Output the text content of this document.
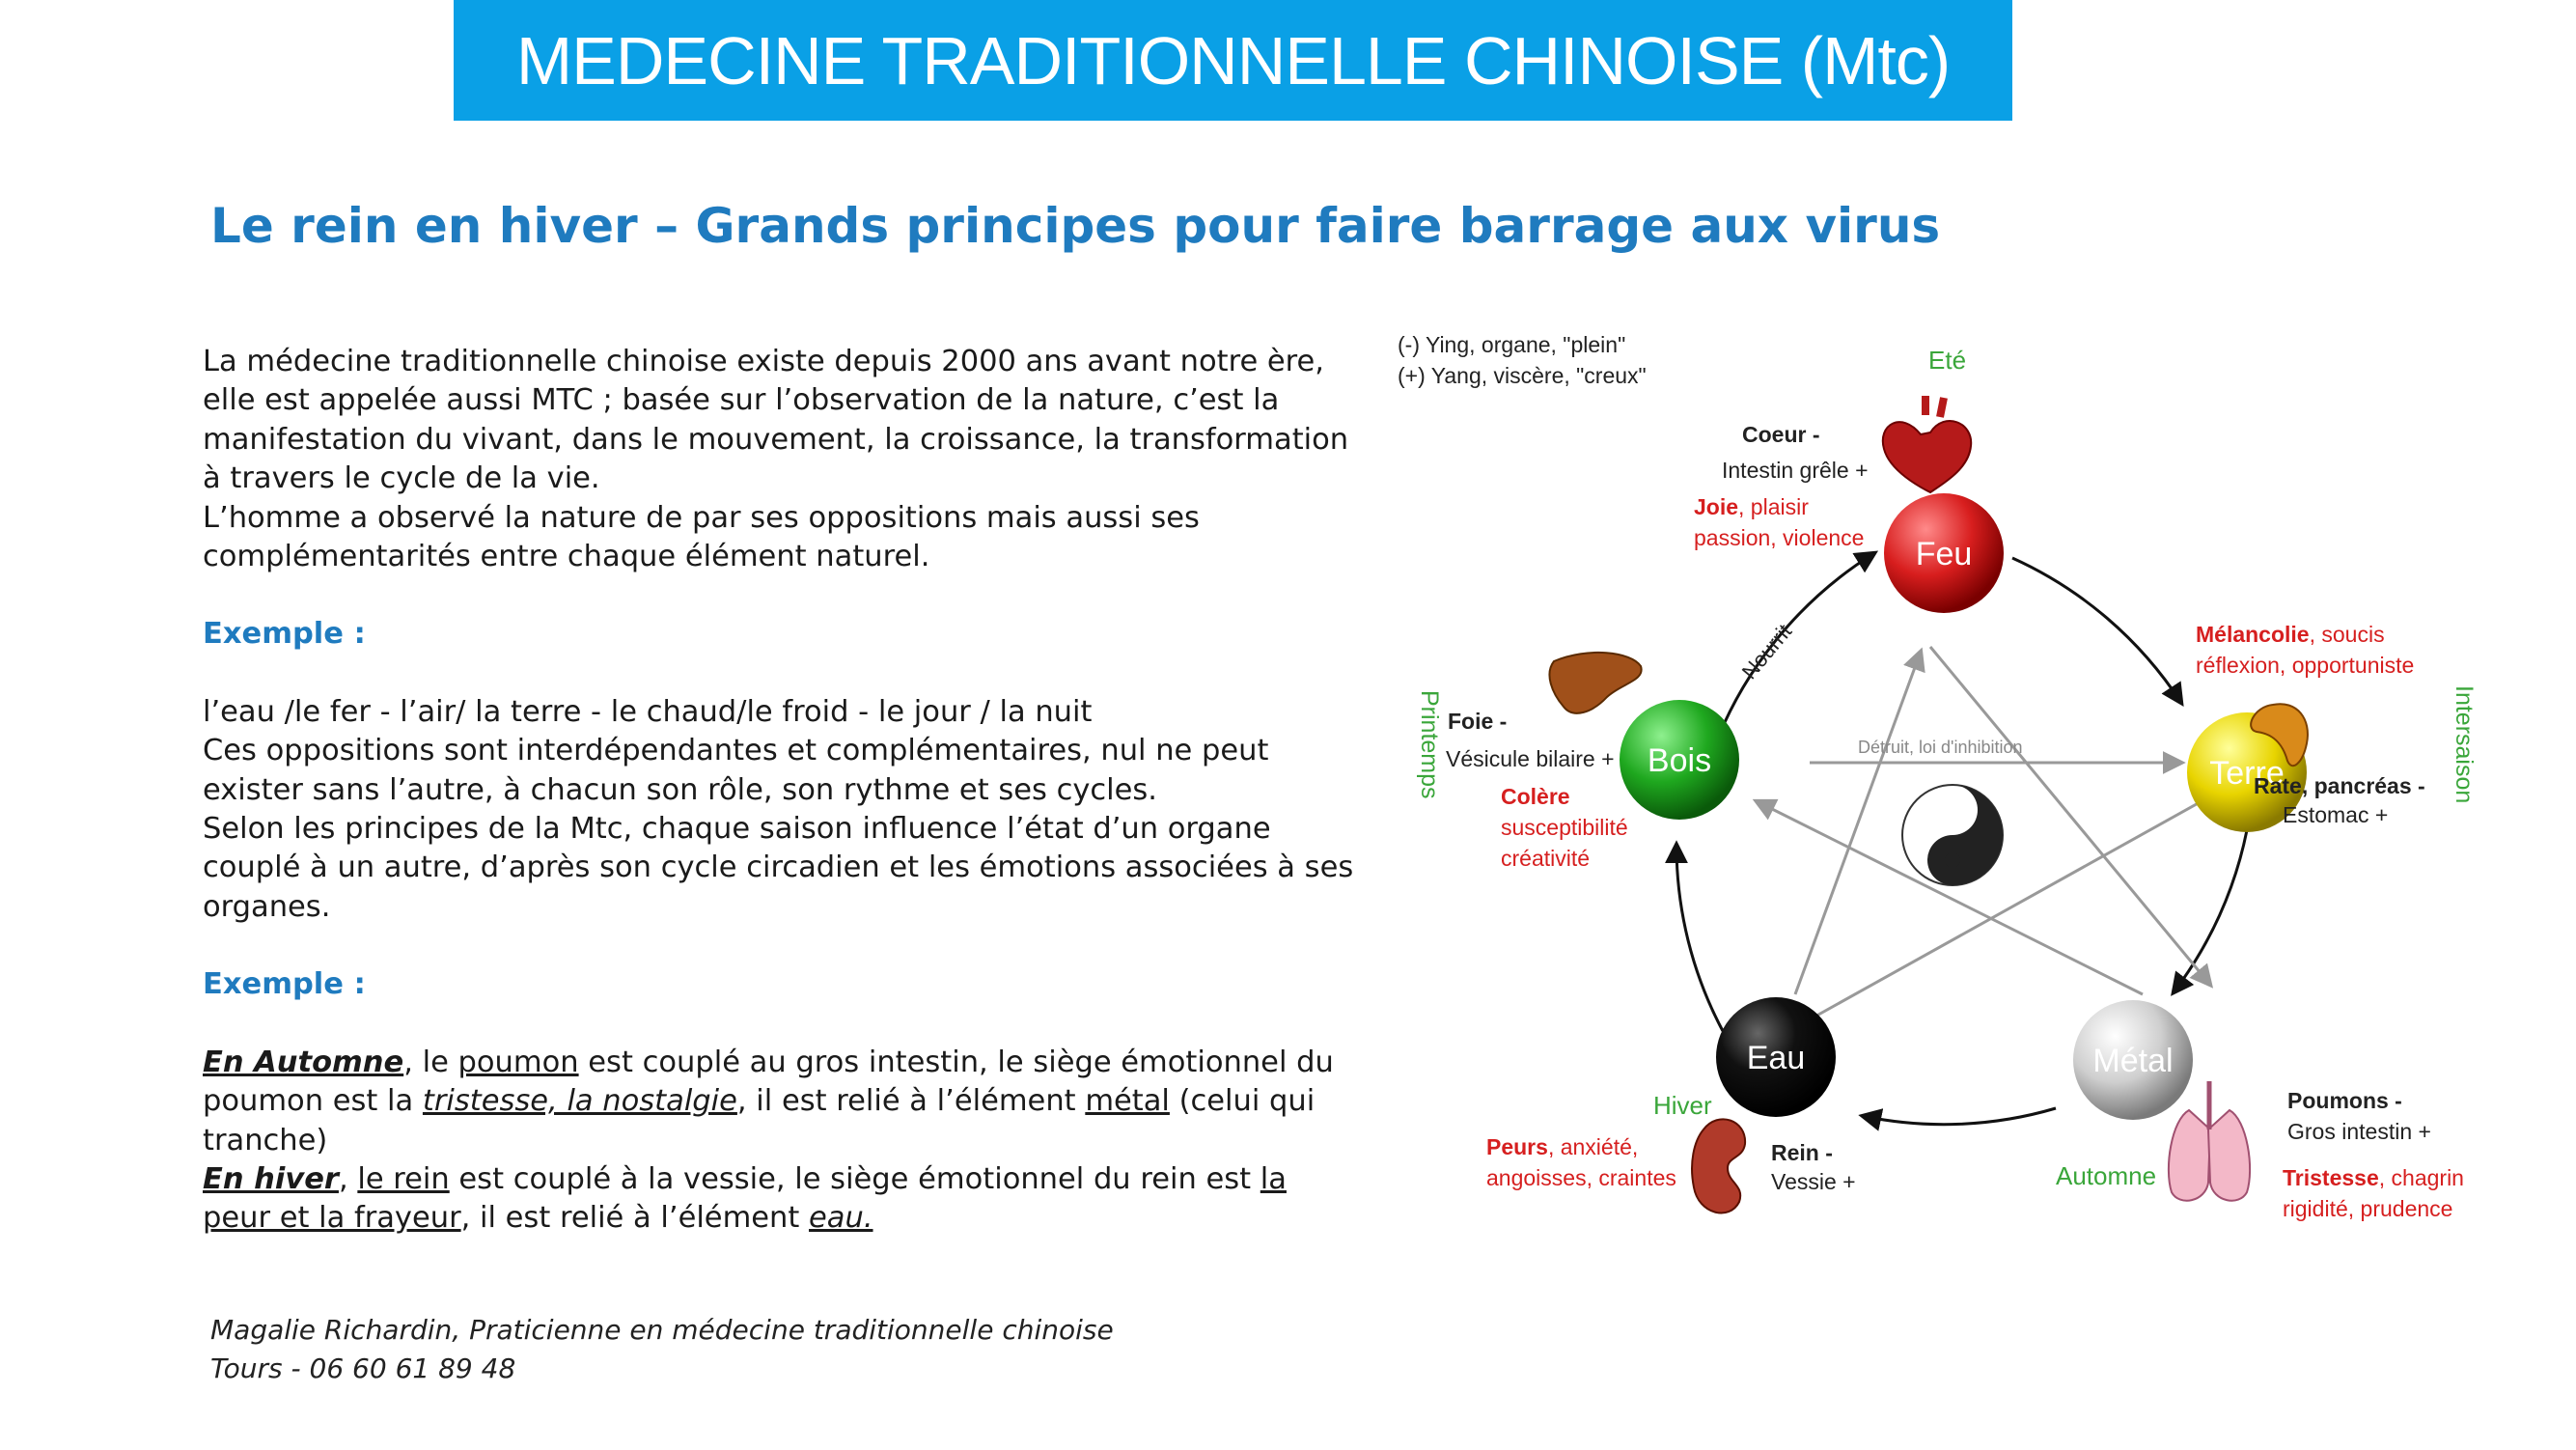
MEDECINE TRADITIONNELLE CHINOISE (Mtc)
Le rein en hiver – Grands principes pour faire barrage aux virus

La médecine traditionnelle chinoise existe depuis 2000 ans avant notre ère,

elle est appelée aussi MTC ; basée sur l’observation de la nature, c’est la

manifestation du vivant, dans le mouvement, la croissance, la transformation

à travers le cycle de la vie.

L’homme a observé la nature de par ses oppositions mais aussi ses

complémentarités entre chaque élément naturel.

Exemple :

l’eau /le fer - l’air/ la terre - le chaud/le froid - le jour / la nuit

Ces oppositions sont interdépendantes et complémentaires, nul ne peut

exister sans l’autre, à chacun son rôle, son rythme et ses cycles.

Selon les principes de la Mtc, chaque saison influence l’état d’un organe

couplé à un autre, d’après son cycle circadien et les émotions associées à ses

organes.

Exemple :

En Automne, le poumon est couplé au gros intestin, le siège émotionnel du

poumon est la tristesse, la nostalgie, il est relié à l’élément métal (celui qui

tranche)

En hiver, le rein est couplé à la vessie, le siège émotionnel du rein est la

peur et la frayeur, il est relié à l’élément eau.

Magalie Richardin, Praticienne en médecine traditionnelle chinoise
Tours - 06 60 61 89 48
Feu
Terre
Métal
Eau
Bois
Nourrit
Détruit, loi d'inhibition
(-) Ying, organe, "plein"
(+) Yang, viscère, "creux"
Eté
Coeur -
Intestin grêle +
Joie, plaisir
passion, violence
Mélancolie, soucis
réflexion, opportuniste
Intersaison
Rate, pancréas -
Estomac +
Printemps Foie -
Vésicule bilaire +
Colère
susceptibilité
créativité
Hiver
Peurs, anxiété,
angoisses, craintes
Rein -
Vessie +	Automne
Poumons -
Gros intestin +
Tristesse, chagrin
rigidité, prudence
